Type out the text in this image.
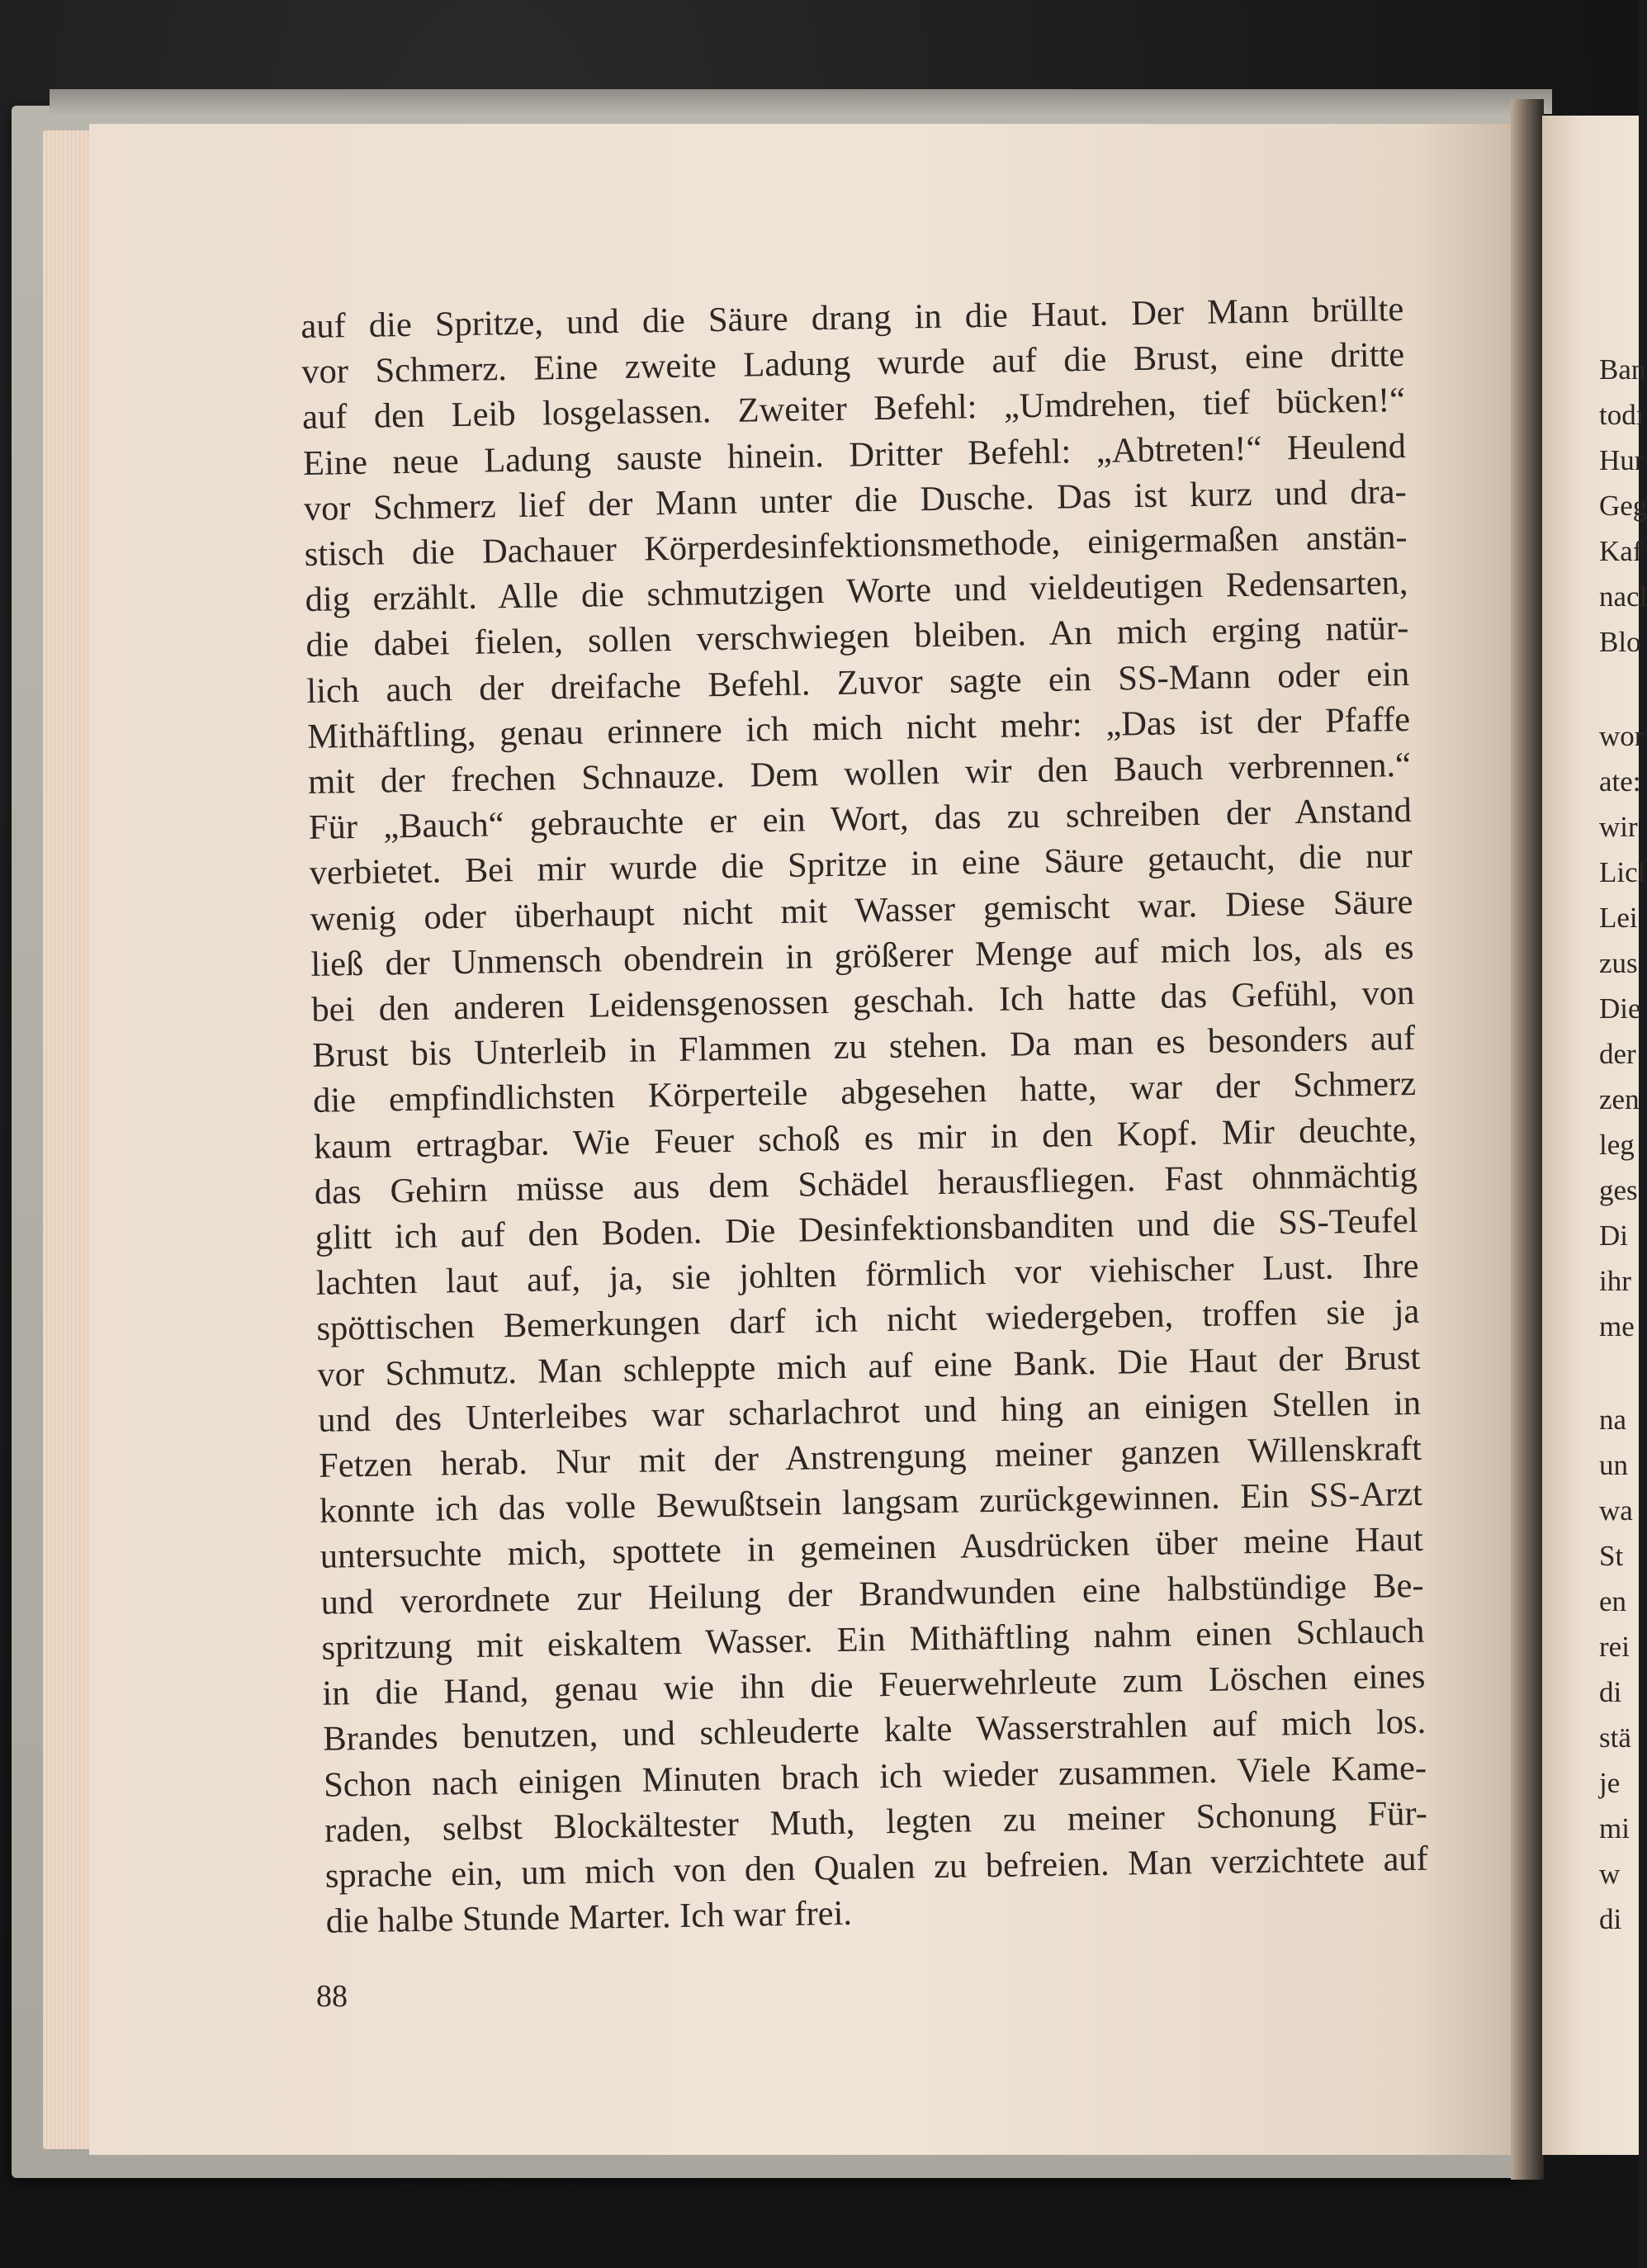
auf die Spritze, und die Säure drang in die Haut. Der Mann brüllte
vor Schmerz. Eine zweite Ladung wurde auf die Brust, eine dritte
auf den Leib losgelassen. Zweiter Befehl: „Umdrehen, tief bücken!“
Eine neue Ladung sauste hinein. Dritter Befehl: „Abtreten!“ Heulend
vor Schmerz lief der Mann unter die Dusche. Das ist kurz und dra-
stisch die Dachauer Körperdesinfektionsmethode, einigermaßen anstän-
dig erzählt. Alle die schmutzigen Worte und vieldeutigen Redensarten,
die dabei fielen, sollen verschwiegen bleiben. An mich erging natür-
lich auch der dreifache Befehl. Zuvor sagte ein SS-Mann oder ein
Mithäftling, genau erinnere ich mich nicht mehr: „Das ist der Pfaffe
mit der frechen Schnauze. Dem wollen wir den Bauch verbrennen.“
Für „Bauch“ gebrauchte er ein Wort, das zu schreiben der Anstand
verbietet. Bei mir wurde die Spritze in eine Säure getaucht, die nur
wenig oder überhaupt nicht mit Wasser gemischt war. Diese Säure
ließ der Unmensch obendrein in größerer Menge auf mich los, als es
bei den anderen Leidensgenossen geschah. Ich hatte das Gefühl, von
Brust bis Unterleib in Flammen zu stehen. Da man es besonders auf
die empfindlichsten Körperteile abgesehen hatte, war der Schmerz
kaum ertragbar. Wie Feuer schoß es mir in den Kopf. Mir deuchte,
das Gehirn müsse aus dem Schädel herausfliegen. Fast ohnmächtig
glitt ich auf den Boden. Die Desinfektionsbanditen und die SS-Teufel
lachten laut auf, ja, sie johlten förmlich vor viehischer Lust. Ihre
spöttischen Bemerkungen darf ich nicht wiedergeben, troffen sie ja
vor Schmutz. Man schleppte mich auf eine Bank. Die Haut der Brust
und des Unterleibes war scharlachrot und hing an einigen Stellen in
Fetzen herab. Nur mit der Anstrengung meiner ganzen Willenskraft
konnte ich das volle Bewußtsein langsam zurückgewinnen. Ein SS-Arzt
untersuchte mich, spottete in gemeinen Ausdrücken über meine Haut
und verordnete zur Heilung der Brandwunden eine halbstündige Be-
spritzung mit eiskaltem Wasser. Ein Mithäftling nahm einen Schlauch
in die Hand, genau wie ihn die Feuerwehrleute zum Löschen eines
Brandes benutzen, und schleuderte kalte Wasserstrahlen auf mich los.
Schon nach einigen Minuten brach ich wieder zusammen. Viele Kame-
raden, selbst Blockältester Muth, legten zu meiner Schonung Für-
sprache ein, um mich von den Qualen zu befreien. Man verzichtete auf
die halbe Stunde Marter. Ich war frei.
88
Ban
todı
Hur
Geg
Kaf
nacl
Blo
wor
ate:
wir
Licl
Lei
zus
Die
der
zen
leg
ges
Di
ihr
me
na
un
wa
St
en
rei
di
stä
je
mi
w
di
